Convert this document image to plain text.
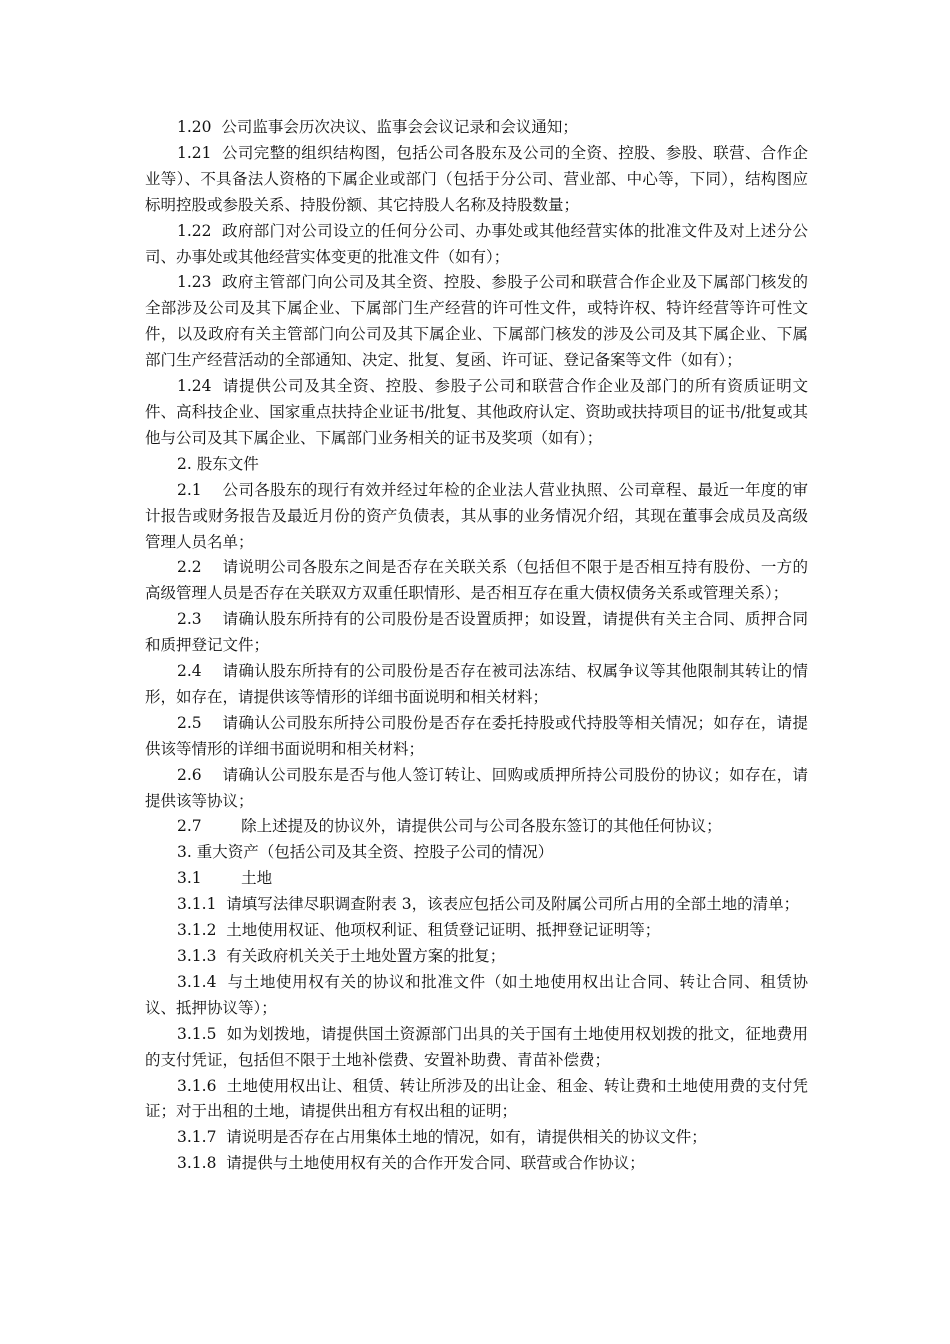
1.20  公司监事会历次决议、监事会会议记录和会议通知；

1.21  公司完整的组织结构图，包括公司各股东及公司的全资、控股、参股、联营、合作企业等）、不具备法人资格的下属企业或部门（包括于分公司、营业部、中心等，下同），结构图应标明控股或参股关系、持股份额、其它持股人名称及持股数量；

1.22  政府部门对公司设立的任何分公司、办事处或其他经营实体的批准文件及对上述分公司、办事处或其他经营实体变更的批准文件（如有）；

1.23  政府主管部门向公司及其全资、控股、参股子公司和联营合作企业及下属部门核发的全部涉及公司及其下属企业、下属部门生产经营的许可性文件，或特许权、特许经营等许可性文件，以及政府有关主管部门向公司及其下属企业、下属部门核发的涉及公司及其下属企业、下属部门生产经营活动的全部通知、决定、批复、复函、许可证、登记备案等文件（如有）；

1.24  请提供公司及其全资、控股、参股子公司和联营合作企业及部门的所有资质证明文件、高科技企业、国家重点扶持企业证书/批复、其他政府认定、资助或扶持项目的证书/批复或其他与公司及其下属企业、下属部门业务相关的证书及奖项（如有）；

2. 股东文件

2.1    公司各股东的现行有效并经过年检的企业法人营业执照、公司章程、最近一年度的审计报告或财务报告及最近月份的资产负债表，其从事的业务情况介绍，其现在董事会成员及高级管理人员名单；

2.2    请说明公司各股东之间是否存在关联关系（包括但不限于是否相互持有股份、一方的高级管理人员是否存在关联双方双重任职情形、是否相互存在重大债权债务关系或管理关系）；

2.3    请确认股东所持有的公司股份是否设置质押；如设置，请提供有关主合同、质押合同和质押登记文件；

2.4    请确认股东所持有的公司股份是否存在被司法冻结、权属争议等其他限制其转让的情形，如存在，请提供该等情形的详细书面说明和相关材料；

2.5    请确认公司股东所持公司股份是否存在委托持股或代持股等相关情况；如存在，请提供该等情形的详细书面说明和相关材料；

2.6    请确认公司股东是否与他人签订转让、回购或质押所持公司股份的协议；如存在，请提供该等协议；

2.7        除上述提及的协议外，请提供公司与公司各股东签订的其他任何协议；

3. 重大资产（包括公司及其全资、控股子公司的情况）

3.1        土地

3.1.1  请填写法律尽职调查附表 3，该表应包括公司及附属公司所占用的全部土地的清单；

3.1.2  土地使用权证、他项权利证、租赁登记证明、抵押登记证明等；

3.1.3  有关政府机关关于土地处置方案的批复；

3.1.4  与土地使用权有关的协议和批准文件（如土地使用权出让合同、转让合同、租赁协议、抵押协议等）；

3.1.5  如为划拨地，请提供国土资源部门出具的关于国有土地使用权划拨的批文，征地费用的支付凭证，包括但不限于土地补偿费、安置补助费、青苗补偿费；

3.1.6  土地使用权出让、租赁、转让所涉及的出让金、租金、转让费和土地使用费的支付凭证；对于出租的土地，请提供出租方有权出租的证明；

3.1.7  请说明是否存在占用集体土地的情况，如有，请提供相关的协议文件；

3.1.8  请提供与土地使用权有关的合作开发合同、联营或合作协议；
